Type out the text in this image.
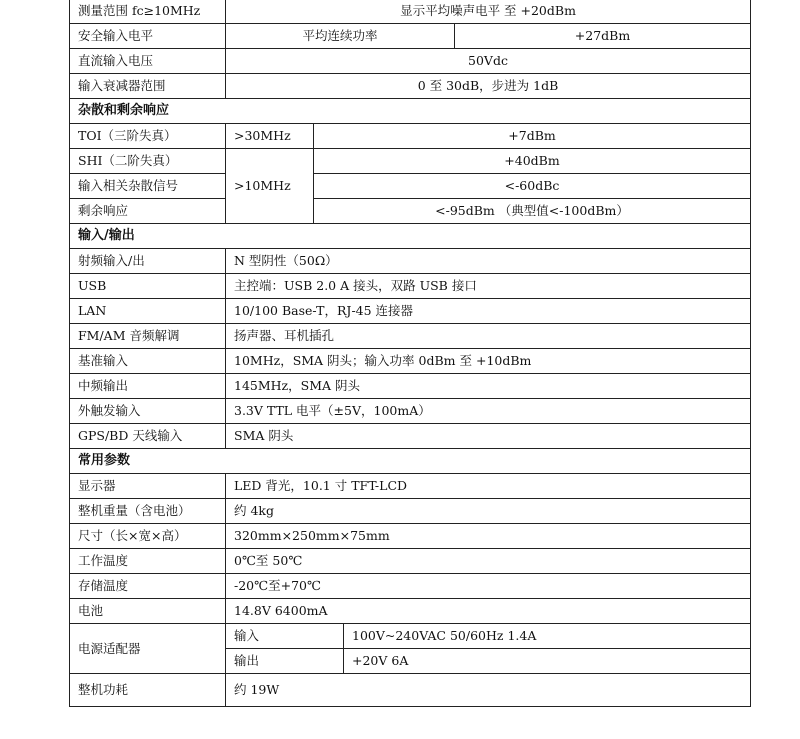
测量范围 fc≥10MHz	显示平均噪声电平 至 +20dBm			
安全输入电平	平均连续功率			+27dBm
直流输入电压	50Vdc			
输入衰减器范围	0 至 30dB，步进为 1dB			
杂散和剩余响应				
TOI（三阶失真）	>30MHz	+7dBm		
SHI（二阶失真）	>10MHz	+40dBm		
输入相关杂散信号		<-60dBc		
剩余响应		<-95dBm （典型值<-100dBm）		
输入/输出				
射频输入/出	N 型阴性（50Ω）			
USB	主控端：USB 2.0 A 接头，双路 USB 接口			
LAN	10/100 Base-T，RJ-45 连接器			
FM/AM 音频解调	扬声器、耳机插孔			
基准输入	10MHz，SMA 阴头；输入功率 0dBm 至 +10dBm			
中频输出	145MHz，SMA 阴头			
外触发输入	3.3V TTL 电平（±5V，100mA）			
GPS/BD 天线输入	SMA 阴头			
常用参数				
显示器	LED 背光，10.1 寸 TFT-LCD			
整机重量（含电池）	约 4kg			
尺寸（长×宽×高）	320mm×250mm×75mm			
工作温度	0℃至 50℃			
存储温度	-20℃至+70℃			
电池	14.8V 6400mA			
电源适配器	输入		100V~240VAC 50/60Hz 1.4A	
	输出		+20V 6A	
整机功耗	约 19W			
